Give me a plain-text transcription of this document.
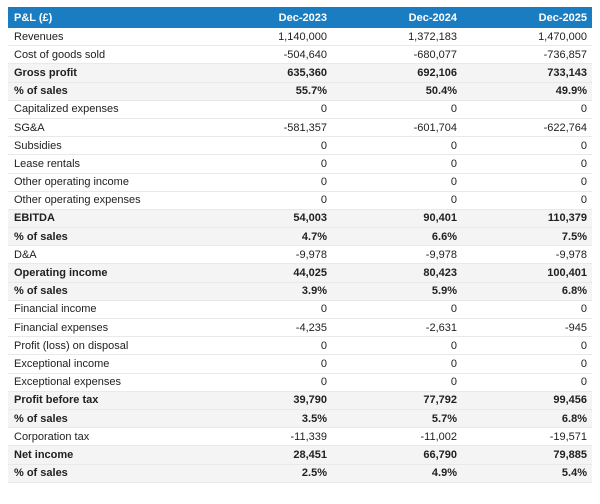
P&L (£)	Dec-2023	Dec-2024	Dec-2025
Revenues	1,140,000	1,372,183	1,470,000
Cost of goods sold	-504,640	-680,077	-736,857
Gross profit	635,360	692,106	733,143
% of sales	55.7%	50.4%	49.9%
Capitalized expenses	0	0	0
SG&A	-581,357	-601,704	-622,764
Subsidies	0	0	0
Lease rentals	0	0	0
Other operating income	0	0	0
Other operating expenses	0	0	0
EBITDA	54,003	90,401	110,379
% of sales	4.7%	6.6%	7.5%
D&A	-9,978	-9,978	-9,978
Operating income	44,025	80,423	100,401
% of sales	3.9%	5.9%	6.8%
Financial income	0	0	0
Financial expenses	-4,235	-2,631	-945
Profit (loss) on disposal	0	0	0
Exceptional income	0	0	0
Exceptional expenses	0	0	0
Profit before tax	39,790	77,792	99,456
% of sales	3.5%	5.7%	6.8%
Corporation tax	-11,339	-11,002	-19,571
Net income	28,451	66,790	79,885
% of sales	2.5%	4.9%	5.4%
